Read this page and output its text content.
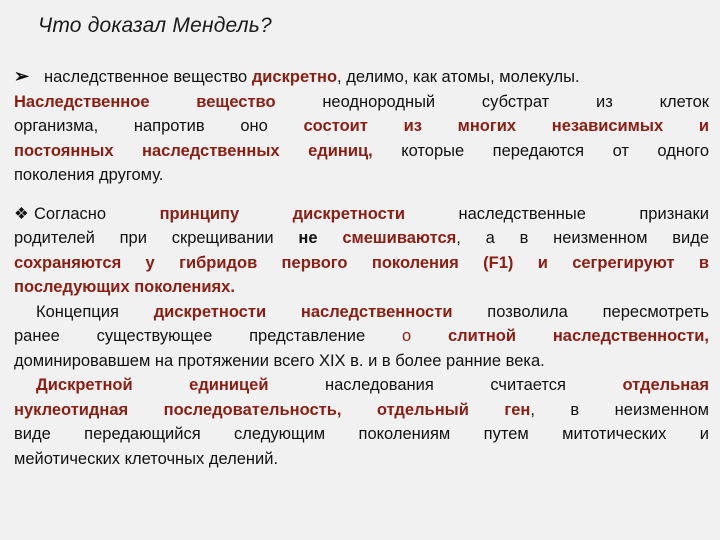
Что доказал Мендель?
➢ наследственное вещество дискретно, делимо, как атомы, молекулы.
Наследственное вещество неоднородный субстрат из клеток
организма, напротив оно состоит из многих независимых и
постоянных наследственных единиц, которые передаются от одного
поколения другому.
❖ Согласно принципу дискретности наследственные признаки
родителей при скрещивании не смешиваются, а в неизменном виде
сохраняются у гибридов первого поколения (F1) и сегрегируют в
последующих поколениях.
Концепция дискретности наследственности позволила пересмотреть
ранее существующее представление о слитной наследственности,
доминировавшем на протяжении всего XIX в. и в более ранние века.
Дискретной единицей наследования считается отдельная
нуклеотидная последовательность, отдельный ген, в неизменном
виде передающийся следующим поколениям путем митотических и
мейотических клеточных делений.
